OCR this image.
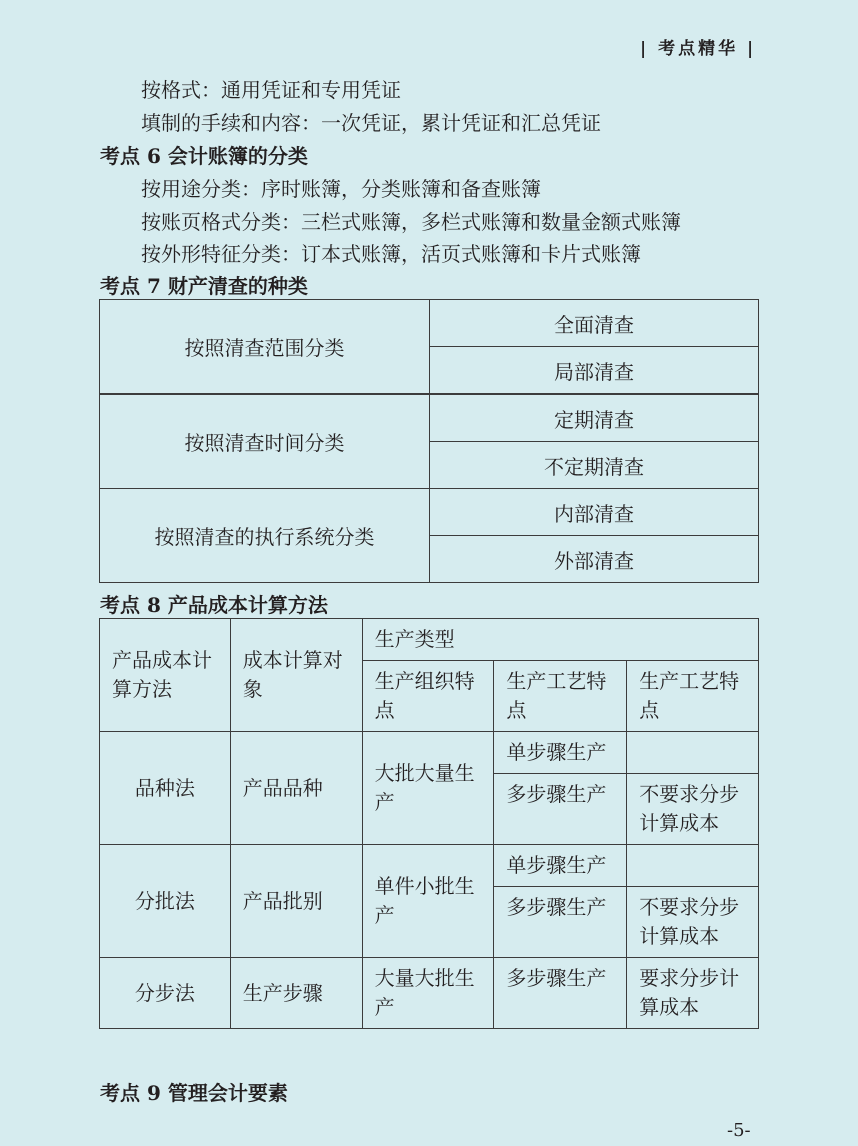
| 考点精华 |
按格式：通用凭证和专用凭证
填制的手续和内容：一次凭证，累计凭证和汇总凭证
考点 6 会计账簿的分类
按用途分类：序时账簿，分类账簿和备查账簿
按账页格式分类：三栏式账簿，多栏式账簿和数量金额式账簿
按外形特征分类：订本式账簿，活页式账簿和卡片式账簿
考点 7 财产清查的种类
按照清查范围分类	全面清查
	局部清查
按照清查时间分类	定期清查
	不定期清查
按照清查的执行系统分类	内部清查
	外部清查
考点 8 产品成本计算方法
产品成本计算方法	成本计算对象	生产类型		
		生产组织特点	生产工艺特点	生产工艺特点
品种法	产品品种	大批大量生产	单步骤生产	
			多步骤生产	不要求分步计算成本
分批法	产品批别	单件小批生产	单步骤生产	
			多步骤生产	不要求分步计算成本
分步法	生产步骤	大量大批生产	多步骤生产	要求分步计算成本
考点 9 管理会计要素
-5-
